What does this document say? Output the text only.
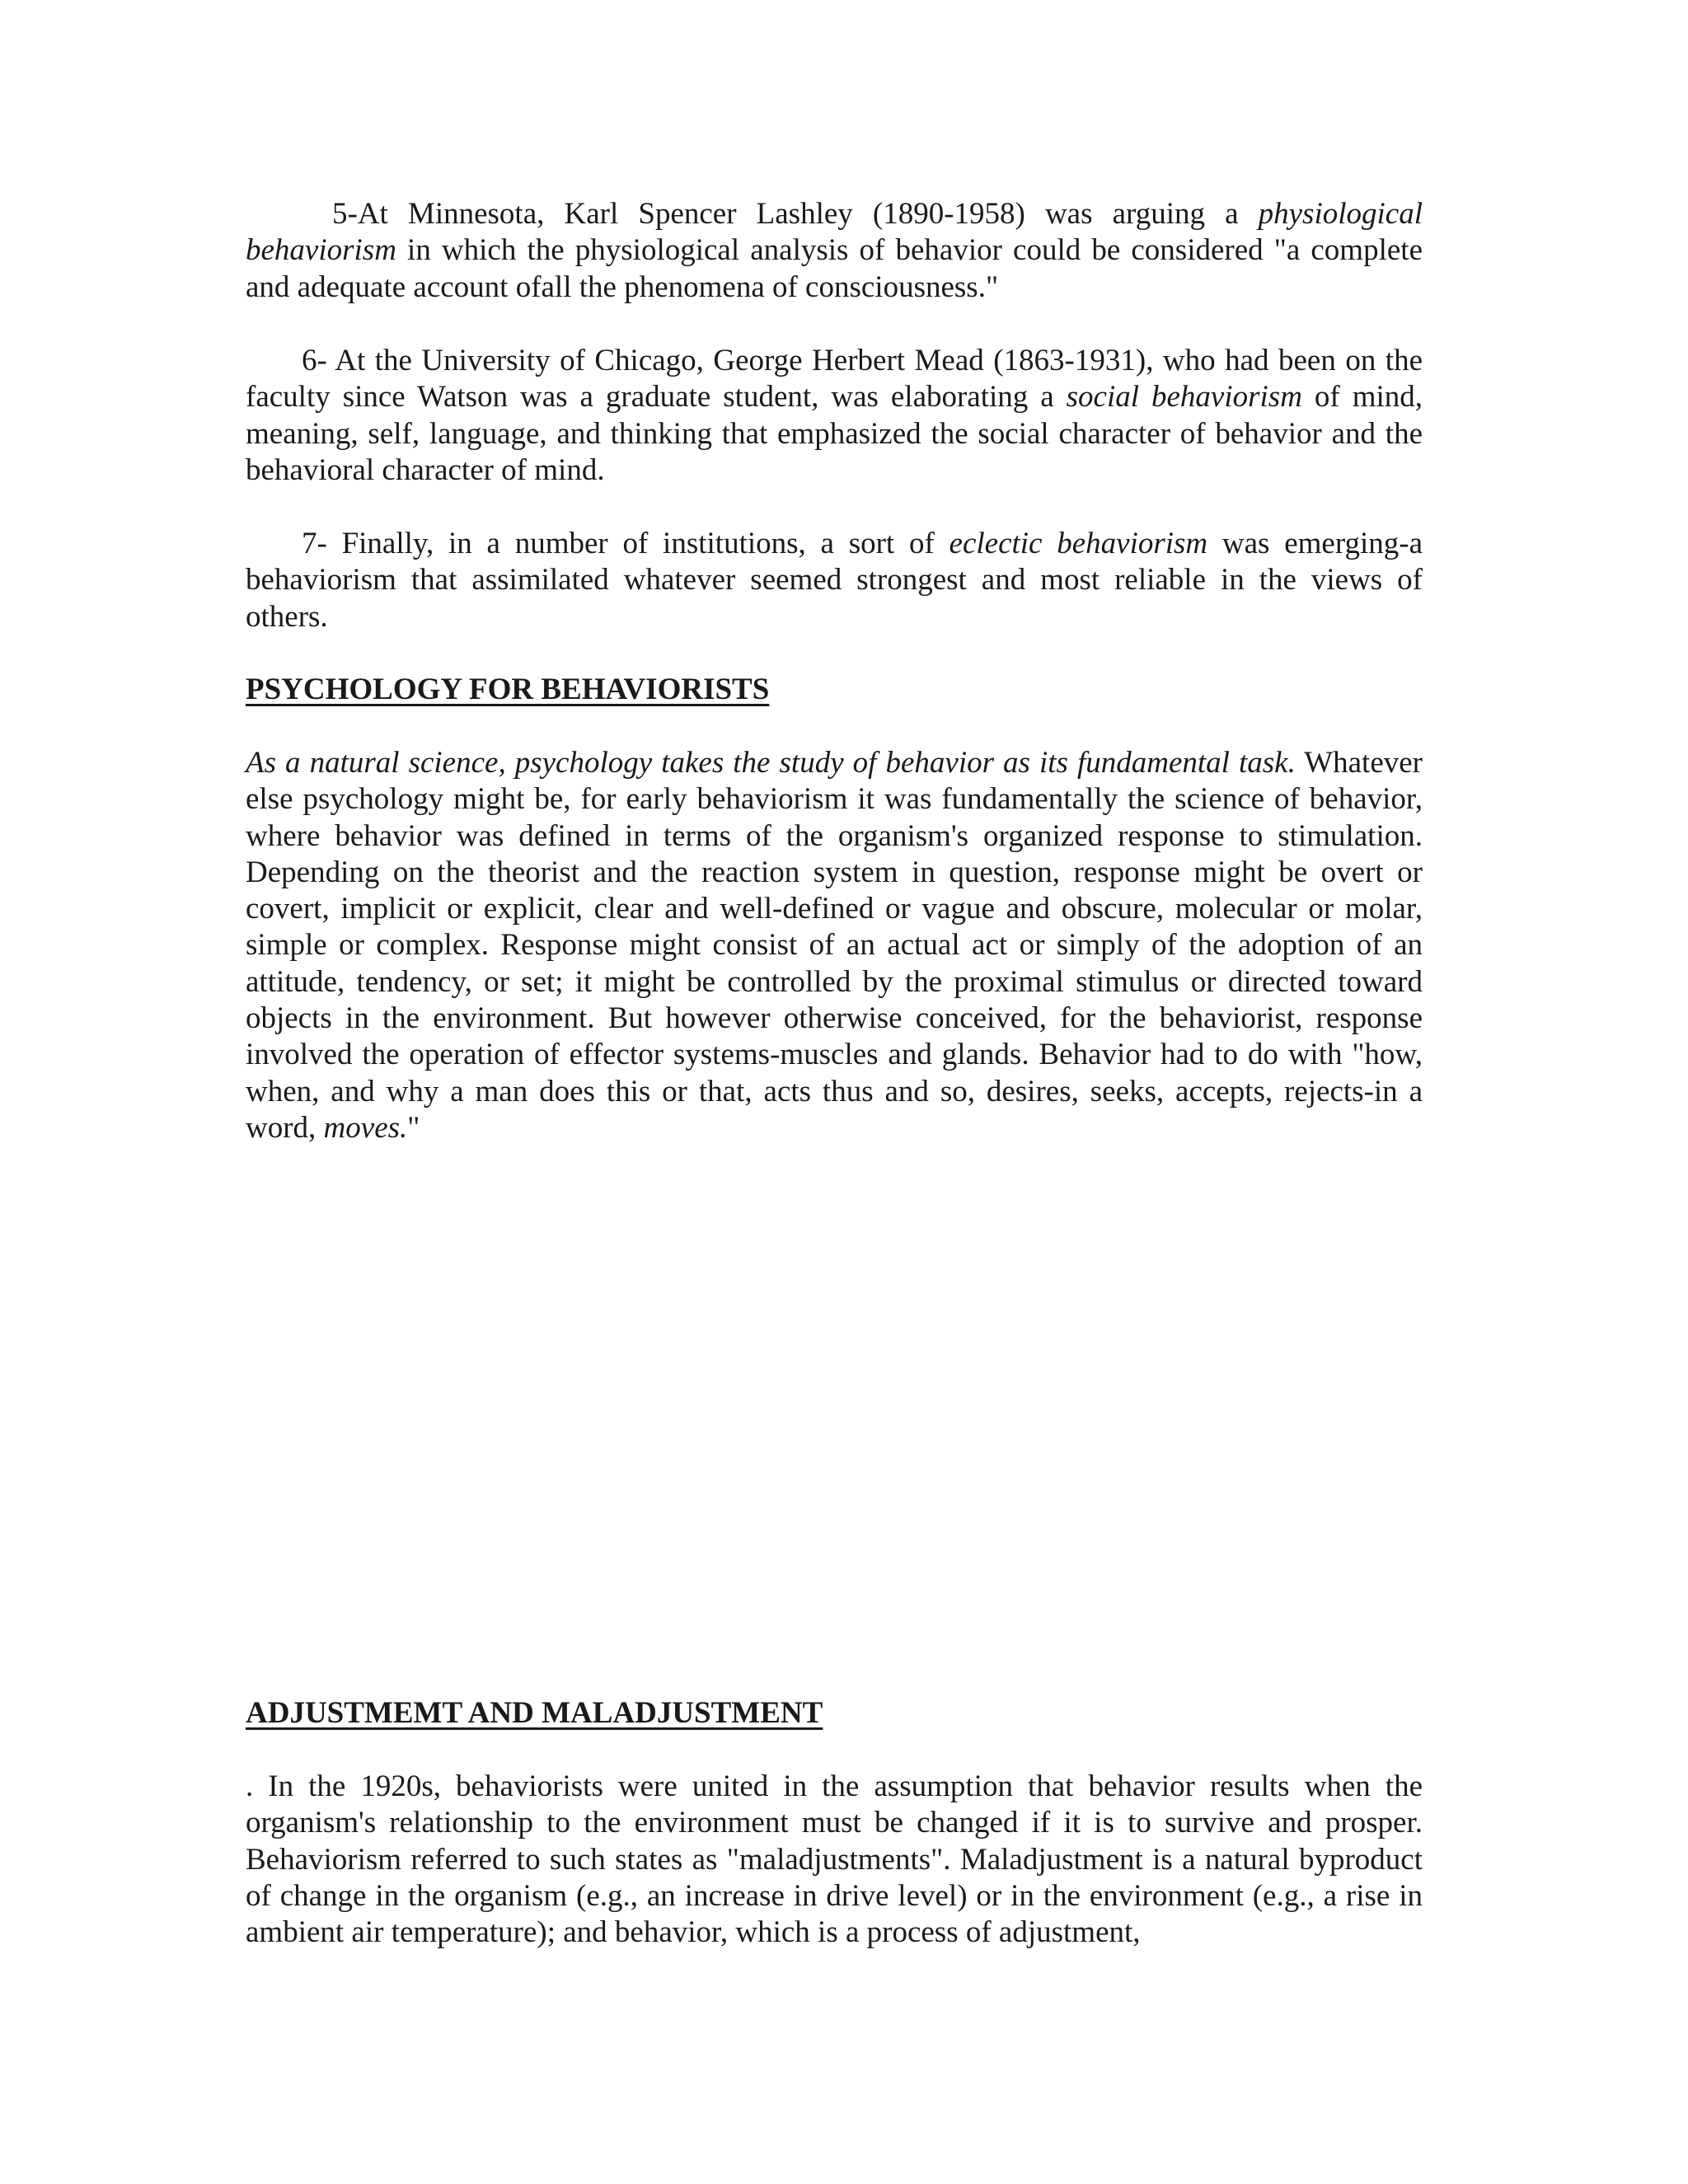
5-At Minnesota, Karl Spencer Lashley (1890-1958) was arguing a physiological behaviorism in which the physiological analysis of behavior could be considered "a complete and adequate account ofall the phenomena of consciousness."

6- At the University of Chicago, George Herbert Mead (1863-1931), who had been on the faculty since Watson was a graduate student, was elaborating a social behaviorism of mind, meaning, self, language, and thinking that emphasized the social character of behavior and the behavioral character of mind.

7- Finally, in a number of institutions, a sort of eclectic behaviorism was emerging-a behaviorism that assimilated whatever seemed strongest and most reliable in the views of others.

PSYCHOLOGY FOR BEHAVIORISTS

As a natural science, psychology takes the study of behavior as its fundamental task. Whatever else psychology might be, for early behaviorism it was fundamentally the science of behavior, where behavior was defined in terms of the organism's organized response to stimulation. Depending on the theorist and the reaction system in question, response might be overt or covert, implicit or explicit, clear and well-defined or vague and obscure, molecular or molar, simple or complex. Response might consist of an actual act or simply of the adoption of an attitude, tendency, or set; it might be controlled by the proximal stimulus or directed toward objects in the environment. But however otherwise conceived, for the behaviorist, response involved the operation of effector systems-muscles and glands. Behavior had to do with "how, when, and why a man does this or that, acts thus and so, desires, seeks, accepts, rejects-in a word, moves."

ADJUSTMEMT AND MALADJUSTMENT

. In the 1920s, behaviorists were united in the assumption that behavior results when the organism's relationship to the environment must be changed if it is to survive and prosper. Behaviorism referred to such states as "maladjustments". Maladjustment is a natural byproduct of change in the organism (e.g., an increase in drive level) or in the environment (e.g., a rise in ambient air temperature); and behavior, which is a process of adjustment,
